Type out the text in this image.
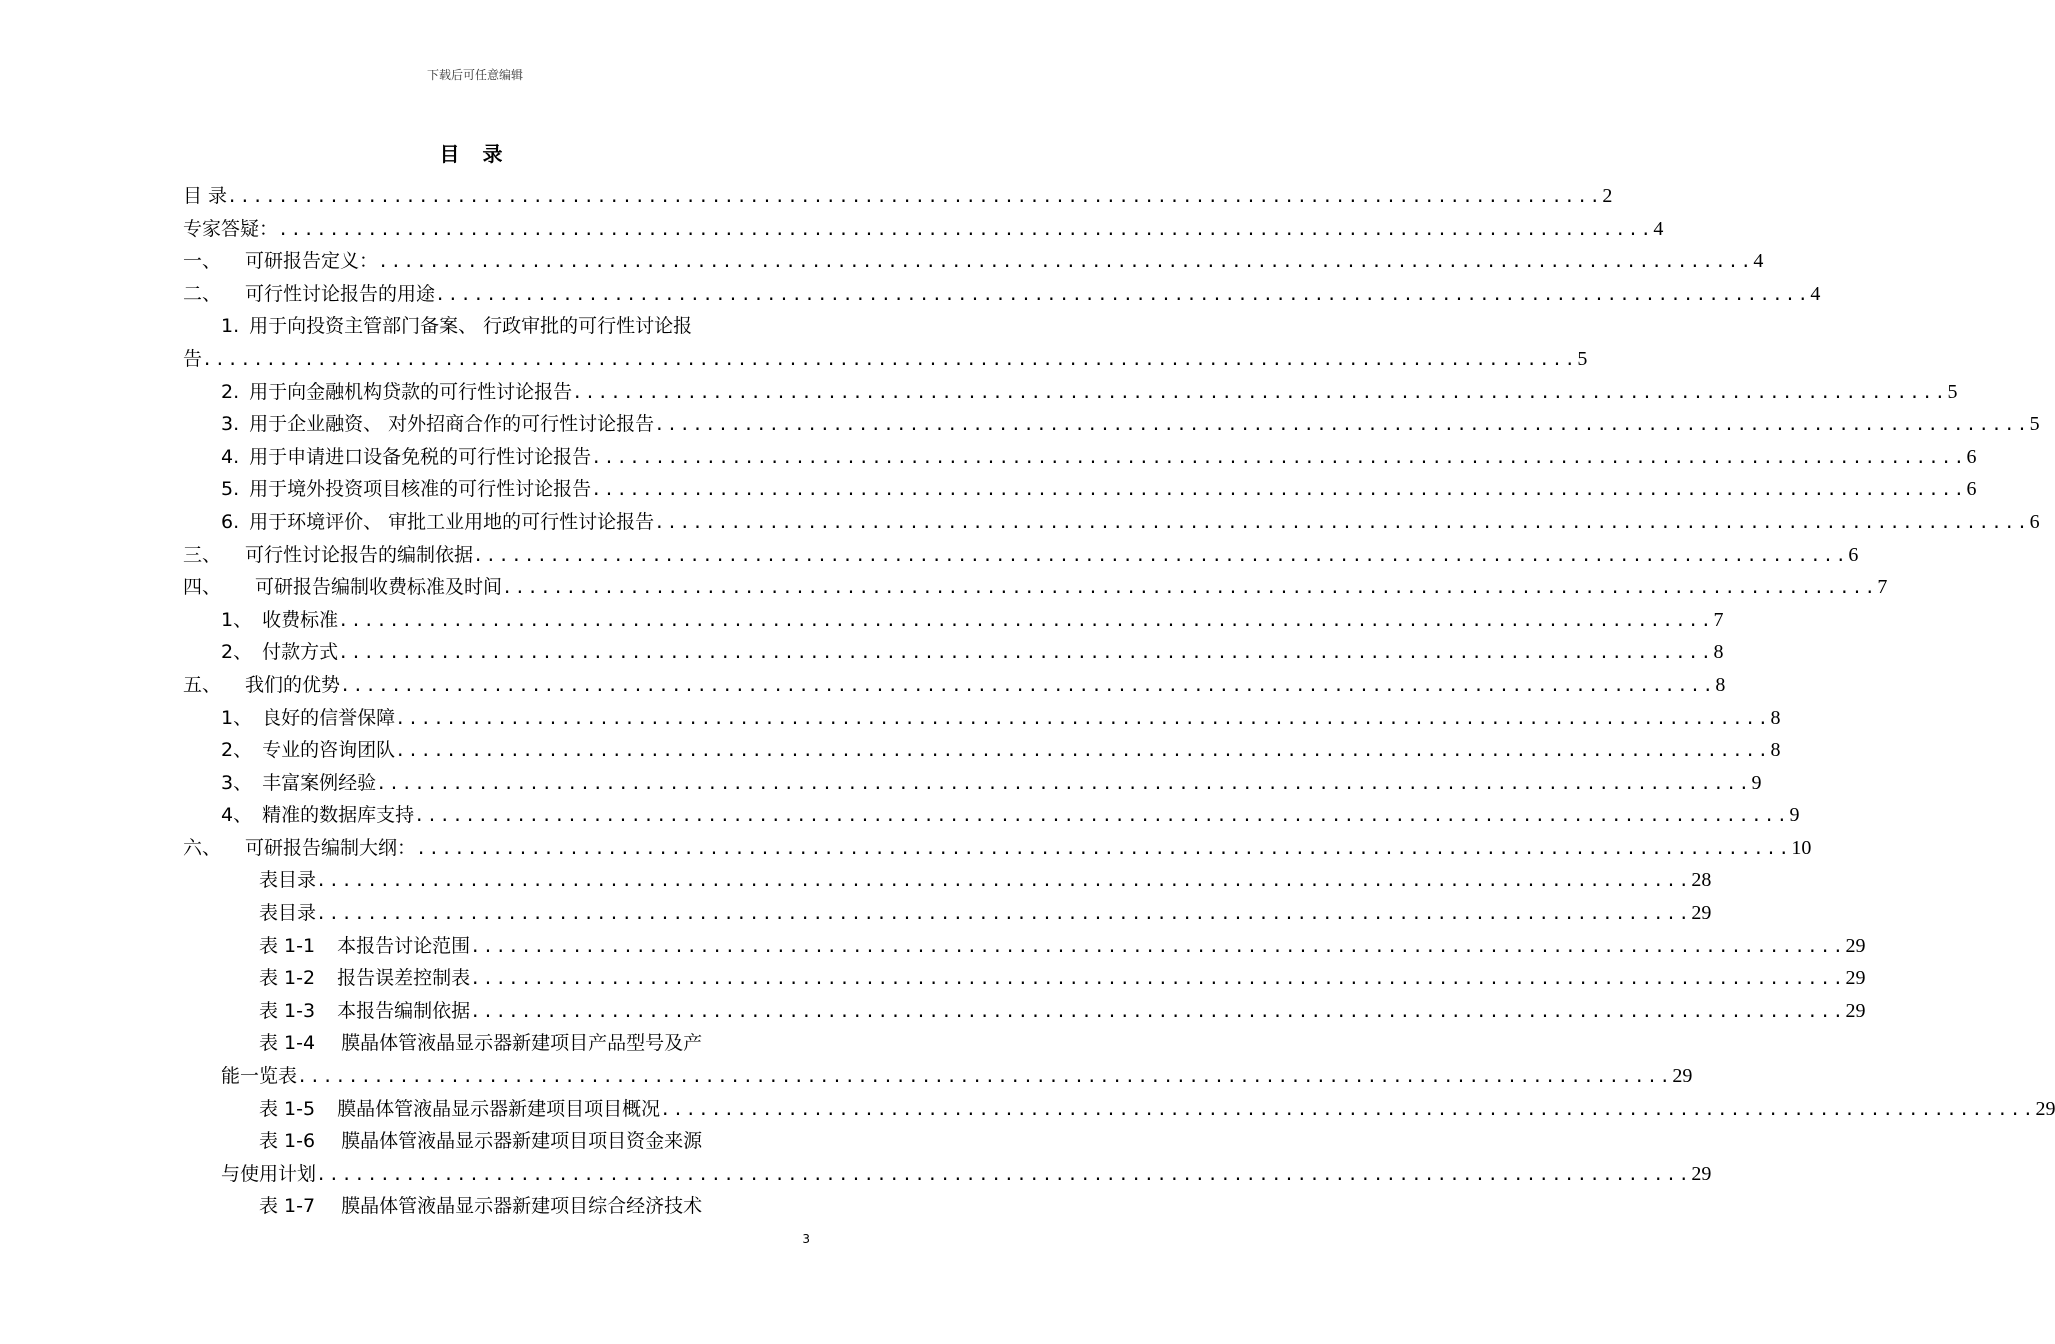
下载后可任意编辑
目 录
目 录 ............................................................................................................ 2
专家答疑： ............................................................................................................ 4
一、 可研报告定义： ............................................................................................................ 4
二、 可行性讨论报告的用途 ............................................................................................................ 4
1. 用于向投资主管部门备案、 行政审批的可行性讨论报
告 ............................................................................................................ 5
2. 用于向金融机构贷款的可行性讨论报告 ............................................................................................................ 5
3. 用于企业融资、 对外招商合作的可行性讨论报告 ............................................................................................................ 5
4. 用于申请进口设备免税的可行性讨论报告 ............................................................................................................ 6
5. 用于境外投资项目核准的可行性讨论报告 ............................................................................................................ 6
6. 用于环境评价、 审批工业用地的可行性讨论报告 ............................................................................................................ 6
三、 可行性讨论报告的编制依据 ............................................................................................................ 6
四、 可研报告编制收费标准及时间 ............................................................................................................ 7
1、 收费标准 ............................................................................................................ 7
2、 付款方式 ............................................................................................................ 8
五、 我们的优势 ............................................................................................................ 8
1、 良好的信誉保障 ............................................................................................................ 8
2、 专业的咨询团队 ............................................................................................................ 8
3、 丰富案例经验 ............................................................................................................ 9
4、 精准的数据库支持 ............................................................................................................ 9
六、 可研报告编制大纲： ............................................................................................................ 10
表目录 ............................................................................................................ 28
表目录 ............................................................................................................ 29
表 1-1 本报告讨论范围 ............................................................................................................ 29
表 1-2 报告误差控制表 ............................................................................................................ 29
表 1-3 本报告编制依据 ............................................................................................................ 29
表 1-4 膜晶体管液晶显示器新建项目产品型号及产
能一览表 ............................................................................................................ 29
表 1-5 膜晶体管液晶显示器新建项目项目概况 ............................................................................................................ 29
表 1-6 膜晶体管液晶显示器新建项目项目资金来源
与使用计划 ............................................................................................................ 29
表 1-7 膜晶体管液晶显示器新建项目综合经济技术
3
